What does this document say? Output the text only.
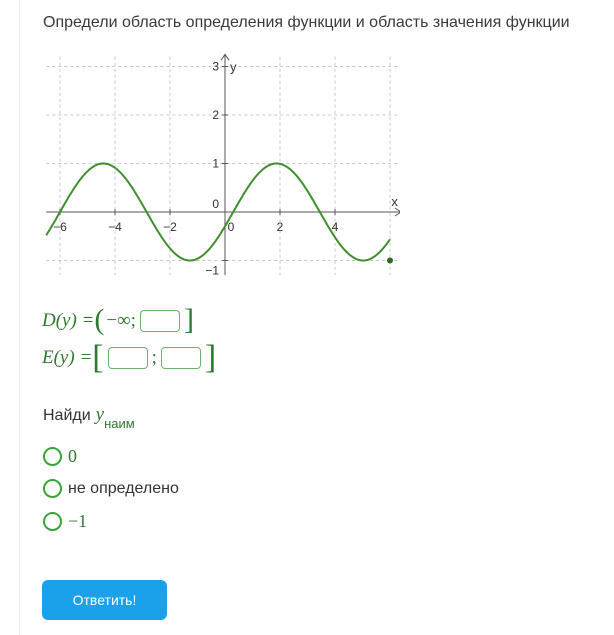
Определи область определения функции и область значения функции
−6	−4	−2	0	2	4
3
2
1
−1
0	x
y
D(y) = ( −∞; ]
E(y) = [	; ]
Найди $y_{наим}$
0
не определено
−1
Ответить!
